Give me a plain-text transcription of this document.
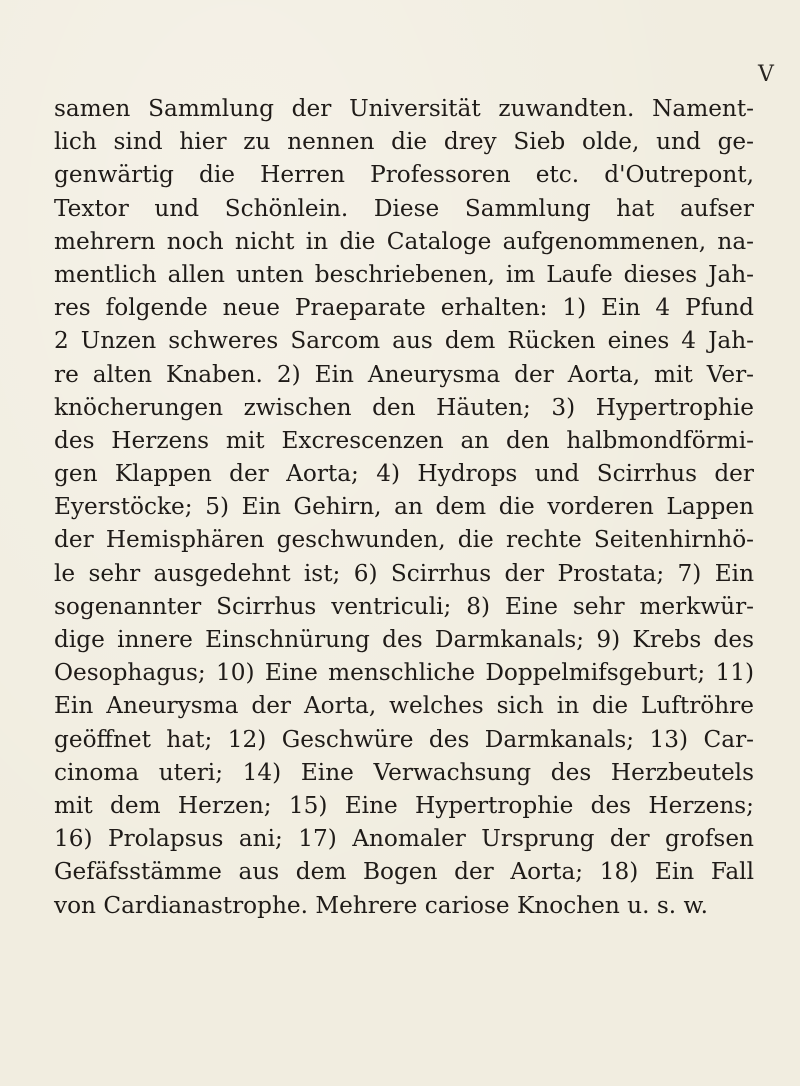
V
samen Sammlung der Universität zuwandten. Nament-
lich sind hier zu nennen die drey Sieb olde, und ge-
genwärtig die Herren Professoren etc. d'Outrepont,
Textor und Schönlein. Diese Sammlung hat aufser
mehrern noch nicht in die Cataloge aufgenommenen, na-
mentlich allen unten beschriebenen, im Laufe dieses Jah-
res folgende neue Praeparate erhalten: 1) Ein 4 Pfund
2 Unzen schweres Sarcom aus dem Rücken eines 4 Jah-
re alten Knaben. 2) Ein Aneurysma der Aorta, mit Ver-
knöcherungen zwischen den Häuten; 3) Hypertrophie
des Herzens mit Excrescenzen an den halbmondförmi-
gen Klappen der Aorta; 4) Hydrops und Scirrhus der
Eyerstöcke; 5) Ein Gehirn, an dem die vorderen Lappen
der Hemisphären geschwunden, die rechte Seitenhirnhö-
le sehr ausgedehnt ist; 6) Scirrhus der Prostata; 7) Ein
sogenannter Scirrhus ventriculi; 8) Eine sehr merkwür-
dige innere Einschnürung des Darmkanals; 9) Krebs des
Oesophagus; 10) Eine menschliche Doppelmifsgeburt; 11)
Ein Aneurysma der Aorta, welches sich in die Luftröhre
geöffnet hat; 12) Geschwüre des Darmkanals; 13) Car-
cinoma uteri; 14) Eine Verwachsung des Herzbeutels
mit dem Herzen; 15) Eine Hypertrophie des Herzens;
16) Prolapsus ani; 17) Anomaler Ursprung der grofsen
Gefäfsstämme aus dem Bogen der Aorta; 18) Ein Fall
von Cardianastrophe. Mehrere cariose Knochen u. s. w.
